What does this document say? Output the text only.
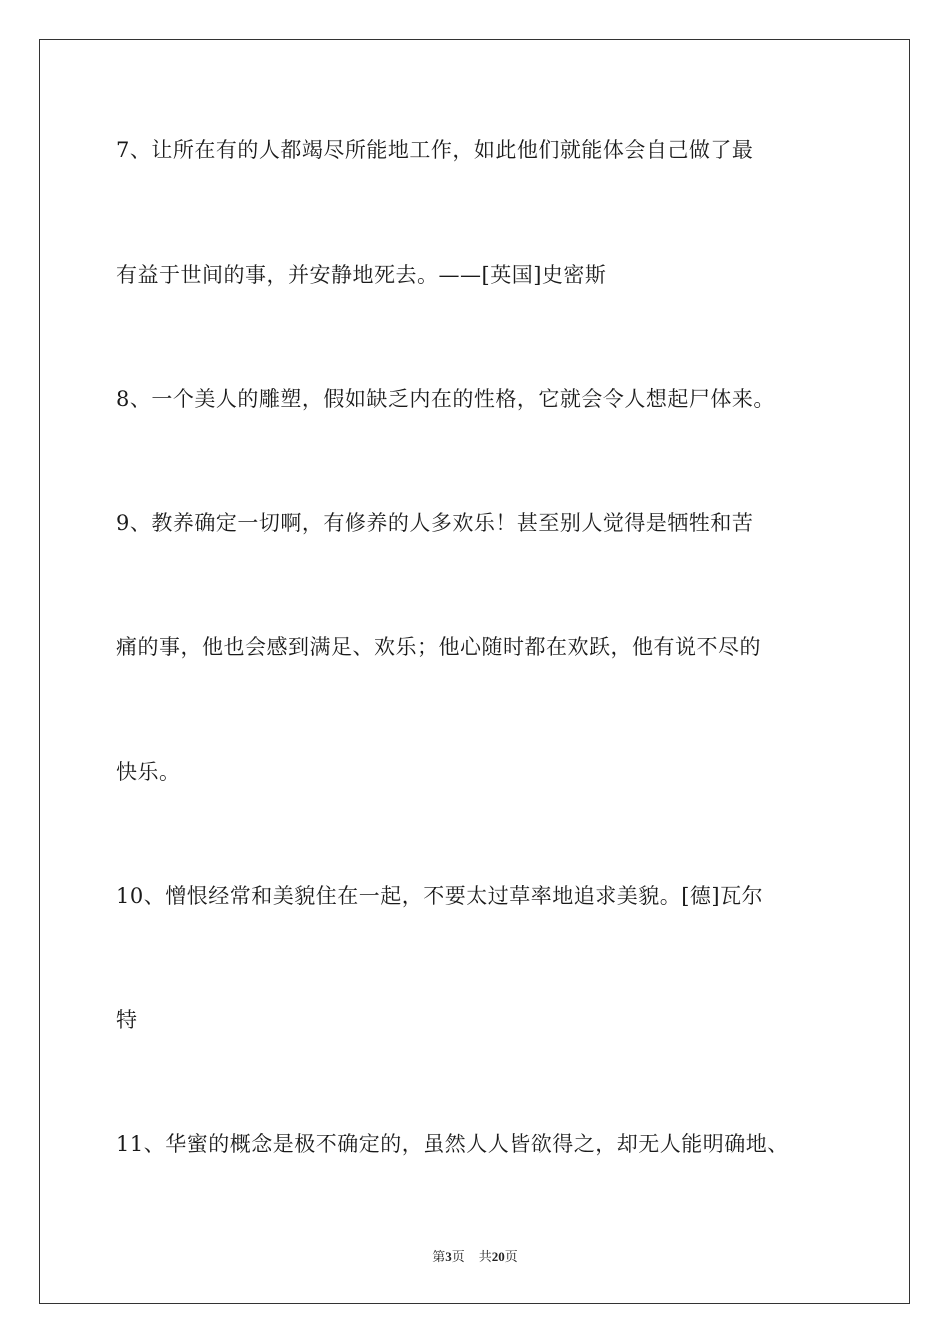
7、让所在有的人都竭尽所能地工作，如此他们就能体会自己做了最
有益于世间的事，并安静地死去。——[英国]史密斯
8、一个美人的雕塑，假如缺乏内在的性格，它就会令人想起尸体来。
9、教养确定一切啊，有修养的人多欢乐！甚至别人觉得是牺牲和苦
痛的事，他也会感到满足、欢乐；他心随时都在欢跃，他有说不尽的
快乐。
10、憎恨经常和美貌住在一起，不要太过草率地追求美貌。[德]瓦尔
特
11、华蜜的概念是极不确定的，虽然人人皆欲得之，却无人能明确地、
第3页 共20页
